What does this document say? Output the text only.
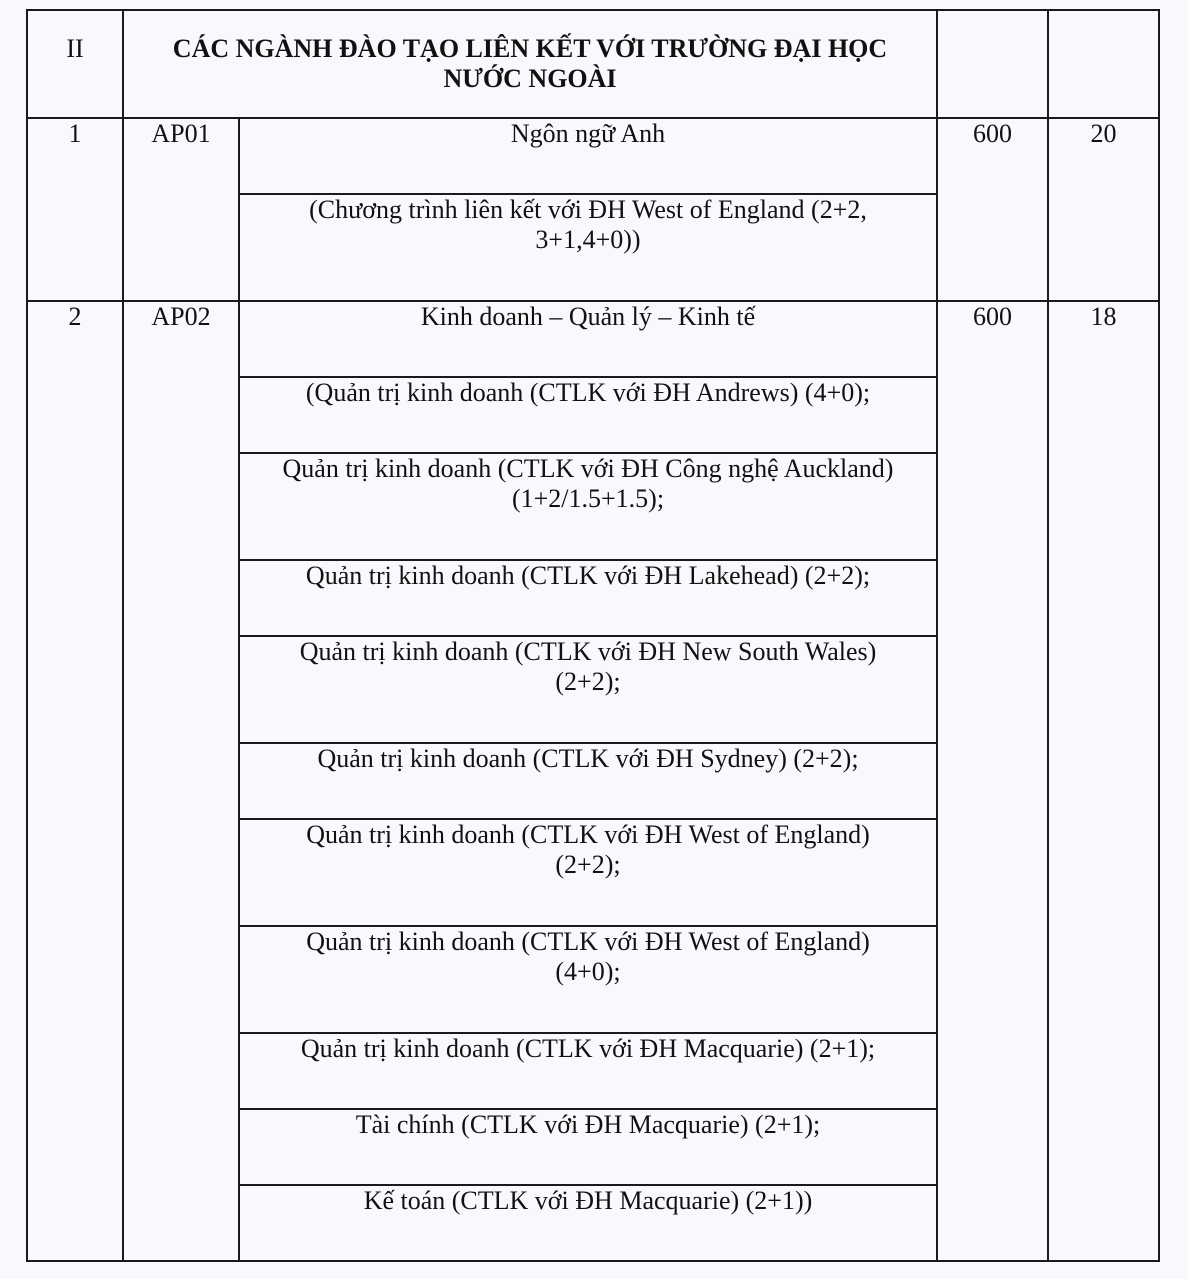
II	CÁC NGÀNH ĐÀO TẠO LIÊN KẾT VỚI TRƯỜNG ĐẠI HỌC NƯỚC NGOÀI			
1	AP01	Ngôn ngữ Anh	600	20
		(Chương trình liên kết với ĐH West of England (2+2, 3+1,4+0))		
2	AP02	Kinh doanh – Quản lý – Kinh tế	600	18
		(Quản trị kinh doanh (CTLK với ĐH Andrews) (4+0);		
		Quản trị kinh doanh (CTLK với ĐH Công nghệ Auckland) (1+2/1.5+1.5);		
		Quản trị kinh doanh (CTLK với ĐH Lakehead) (2+2);		
		Quản trị kinh doanh (CTLK với ĐH New South Wales) (2+2);		
		Quản trị kinh doanh (CTLK với ĐH Sydney) (2+2);		
		Quản trị kinh doanh (CTLK với ĐH West of England) (2+2);		
		Quản trị kinh doanh (CTLK với ĐH West of England) (4+0);		
		Quản trị kinh doanh (CTLK với ĐH Macquarie) (2+1);		
		Tài chính (CTLK với ĐH Macquarie) (2+1);		
		Kế toán (CTLK với ĐH Macquarie) (2+1))		
